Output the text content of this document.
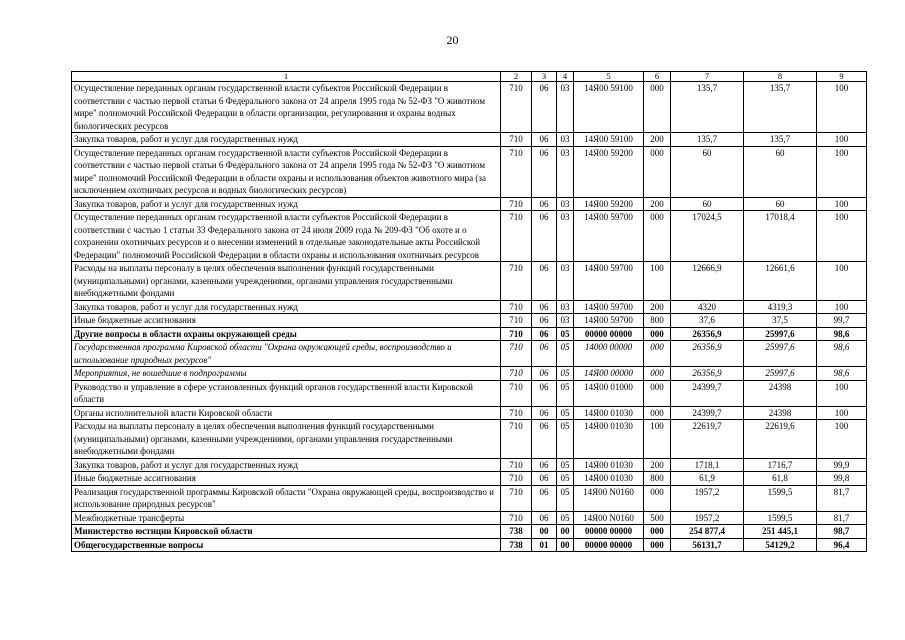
20
1	2	3	4	5	6	7	8	9
Осуществление переданных органам государственной власти субъектов Российской Федерации в соответствии с частью первой статьи 6 Федерального закона от 24 апреля 1995 года № 52-ФЗ "О животном мире" полномочий Российской Федерации в области организации, регулирования и охраны водных биологических ресурсов	710	06	03	14Я00 59100	000	135,7	135,7	100
Закупка товаров, работ и услуг для государственных нужд	710	06	03	14Я00 59100	200	135,7	135,7	100
Осуществление переданных органам государственной власти субъектов Российской Федерации в соответствии с частью первой статьи 6 Федерального закона от 24 апреля 1995 года № 52-ФЗ "О животном мире" полномочий Российской Федерации в области охраны и использования объектов животного мира (за исключением охотничьих ресурсов и водных биологических ресурсов)	710	06	03	14Я00 59200	000	60	60	100
Закупка товаров, работ и услуг для государственных нужд	710	06	03	14Я00 59200	200	60	60	100
Осуществление переданных органам государственной власти субъектов Российской Федерации в соответствии с частью 1 статьи 33 Федерального закона от 24 июля 2009 года № 209-ФЗ "Об охоте и о сохранении охотничьих ресурсов и о внесении изменений в отдельные законодательные акты Российской Федерации" полномочий Российской Федерации в области охраны и использования охотничьих ресурсов	710	06	03	14Я00 59700	000	17024,5	17018,4	100
Расходы на выплаты персоналу в целях обеспечения выполнения функций государственными (муниципальными) органами, казенными учреждениями, органами управления государственными внебюджетными фондами	710	06	03	14Я00 59700	100	12666,9	12661,6	100
Закупка товаров, работ и услуг для государственных нужд	710	06	03	14Я00 59700	200	4320	4319,3	100
Иные бюджетные ассигнования	710	06	03	14Я00 59700	800	37,6	37,5	99,7
Другие вопросы в области охраны окружающей среды	710	06	05	00000 00000	000	26356,9	25997,6	98,6
Государственная программа Кировской области "Охрана окружающей среды, воспроизводство и использование природных ресурсов"	710	06	05	14000 00000	000	26356,9	25997,6	98,6
Мероприятия, не вошедшие в подпрограммы	710	06	05	14Я00 00000	000	26356,9	25997,6	98,6
Руководство и управление в сфере установленных функций органов государственной власти Кировской области	710	06	05	14Я00 01000	000	24399,7	24398	100
Органы исполнительной власти Кировской области	710	06	05	14Я00 01030	000	24399,7	24398	100
Расходы на выплаты персоналу в целях обеспечения выполнения функций государственными (муниципальными) органами, казенными учреждениями, органами управления государственными внебюджетными фондами	710	06	05	14Я00 01030	100	22619,7	22619,6	100
Закупка товаров, работ и услуг для государственных нужд	710	06	05	14Я00 01030	200	1718,1	1716,7	99,9
Иные бюджетные ассигнования	710	06	05	14Я00 01030	800	61,9	61,8	99,8
Реализация государственной программы Кировской области "Охрана окружающей среды, воспроизводство и использование природных ресурсов"	710	06	05	14Я00 N0160	000	1957,2	1599,5	81,7
Межбюджетные трансферты	710	06	05	14Я00 N0160	500	1957,2	1599,5	81,7
Министерство юстиции Кировской области	738	00	00	00000 00000	000	254 877,4	251 445,1	98,7
Общегосударственные вопросы	738	01	00	00000 00000	000	56131,7	54129,2	96,4
